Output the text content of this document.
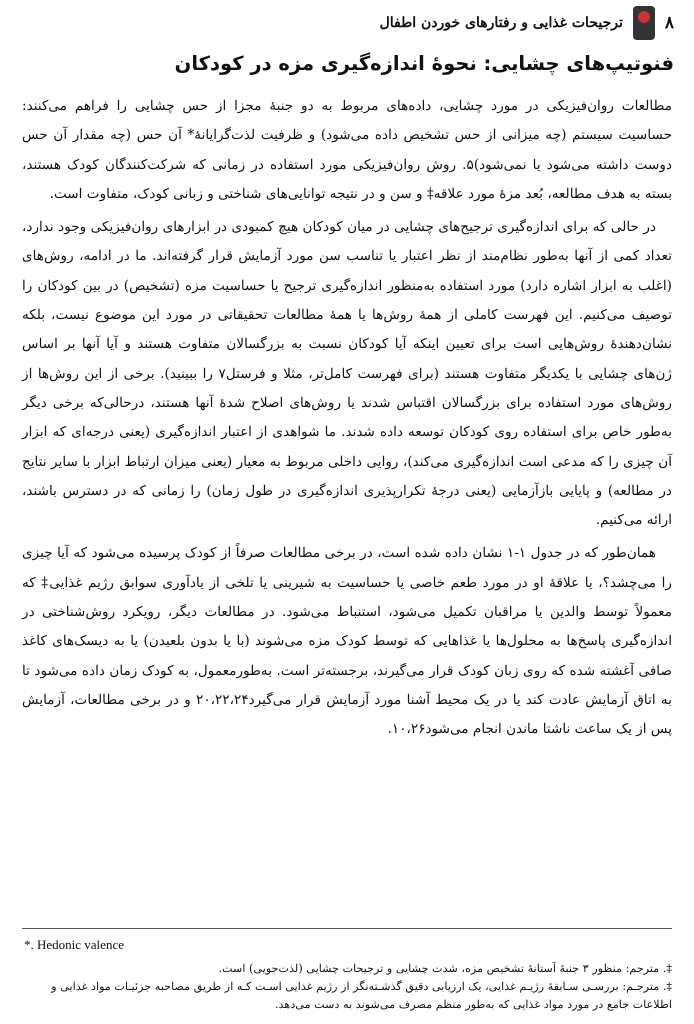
۸
ترجیحات غذایی و رفتارهای خوردن اطفال
فنوتیپ‌های چشایی: نحوهٔ اندازه‌گیری مزه در کودکان

مطالعات روان‌فیزیکی در مورد چشایی، داده‌های مربوط به دو جنبهٔ مجزا از حس چشایی را فراهم می‌کنند: حساسیت سیستم (چه میزانی از حس تشخیص داده می‌شود) و ظرفیت لذت‌گرایانهٔ* آن حس (چه مقدار آن حس دوست داشته می‌شود یا نمی‌شود)۵. روش روان‌فیزیکی مورد استفاده در زمانی که شرکت‌کنندگان کودک هستند، بسته به هدف مطالعه، بُعد مزهٔ مورد علاقه‡ و سن و در نتیجه توانایی‌های شناختی و زبانی کودک، متفاوت است.

در حالی که برای اندازه‌گیری ترجیح‌های چشایی در میان کودکان هیچ کمبودی در ابزارهای روان‌فیزیکی وجود ندارد، تعداد کمی از آنها به‌طور نظام‌مند از نظر اعتبار یا تناسب سن مورد آزمایش قرار گرفته‌اند. ما در ادامه، روش‌های (اغلب به ابزار اشاره دارد) مورد استفاده به‌منظور اندازه‌گیری ترجیح یا حساسیت مزه (تشخیص) در بین کودکان را توصیف می‌کنیم. این فهرست کاملی از همهٔ روش‌ها یا همهٔ مطالعات تحقیقاتی در مورد این موضوع نیست، بلکه نشان‌دهندهٔ روش‌هایی است برای تعیین اینکه آیا کودکان نسبت به بزرگسالان متفاوت هستند و آیا آنها بر اساس ژن‌های چشایی با یکدیگر متفاوت هستند (برای فهرست کامل‌تر، مثلا و فرستل۷ را ببینید). برخی از این روش‌ها از روش‌های مورد استفاده برای بزرگسالان اقتباس شدند یا روش‌های اصلاح شدهٔ آنها هستند، درحالی‌که برخی دیگر به‌طور خاص برای استفاده روی کودکان توسعه داده شدند. ما شواهدی از اعتبار اندازه‌گیری (یعنی درجه‌ای که ابزار آن چیزی را که مدعی است اندازه‌گیری می‌کند)، روایی داخلی مربوط به معیار (یعنی میزان ارتباط ابزار با سایر نتایج در مطالعه) و پایایی بازآزمایی (یعنی درجهٔ تکرارپذیری اندازه‌گیری در طول زمان) را زمانی که در دسترس باشند، ارائه می‌کنیم.

همان‌طور که در جدول ۱-۱ نشان داده شده است، در برخی مطالعات صرفاً از کودک پرسیده می‌شود که آیا چیزی را می‌چشد؟، یا علاقهٔ او در مورد طعم خاصی یا حساسیت به شیرینی یا تلخی از یادآوری سوابق رژیم غذایی‡ که معمولاً توسط والدین یا مراقبان تکمیل می‌شود، استنباط می‌شود. در مطالعات دیگر، رویکرد روش‌شناختی در اندازه‌گیری پاسخ‌ها به محلول‌ها یا غذاهایی که توسط کودک مزه می‌شوند (با یا بدون بلعیدن) یا به دیسک‌های کاغذ صافی آغشته شده که روی زبان کودک قرار می‌گیرند، برجسته‌تر است. به‌طورمعمول، به کودک زمان داده می‌شود تا به اتاق آزمایش عادت کند یا در یک محیط آشنا مورد آزمایش قرار می‌گیرد۲۰،۲۲،۲۴ و در برخی مطالعات، آزمایش پس از یک ساعت ناشتا ماندن انجام می‌شود۱۰،۲۶.

*. Hedonic valence
‡. مترجم: منظور ۳ جنبهٔ آستانهٔ تشخیص مزه، شدت چشایی و ترجیحات چشایی (لذت‌جویی) است.
‡. مترجـم: بررسـی سـابقهٔ رژیـم غذایی، یک ارزیابی دقیق گذشـته‌نگر از رژیم غذایی اسـت کـه از طریق مصاحبه جزئیـات مواد غذایی و اطلاعات جامع در مورد مواد غذایی که به‌طور منظم مصرف می‌شوند به دست می‌دهد.
